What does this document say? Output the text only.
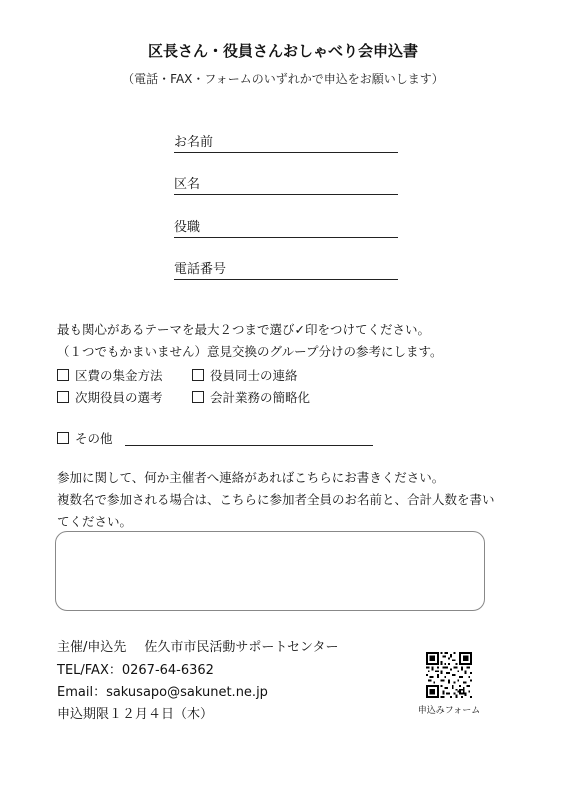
区長さん・役員さんおしゃべり会申込書
（電話・FAX・フォームのいずれかで申込をお願いします）
お名前
区名
役職
電話番号
最も関心があるテーマを最大２つまで選び✓印をつけてください。
（１つでもかまいません）意見交換のグループ分けの参考にします。
区費の集金方法	役員同士の連絡
次期役員の選考	会計業務の簡略化
その他
参加に関して、何か主催者へ連絡があればこちらにお書きください。
複数名で参加される場合は、こちらに参加者全員のお名前と、合計人数を書い
てください。
主催/申込先 佐久市市民活動サポートセンター
TEL/FAX：0267-64-6362
Email：sakusapo@sakunet.ne.jp
申込期限１２月４日（木）	申込みフォーム
